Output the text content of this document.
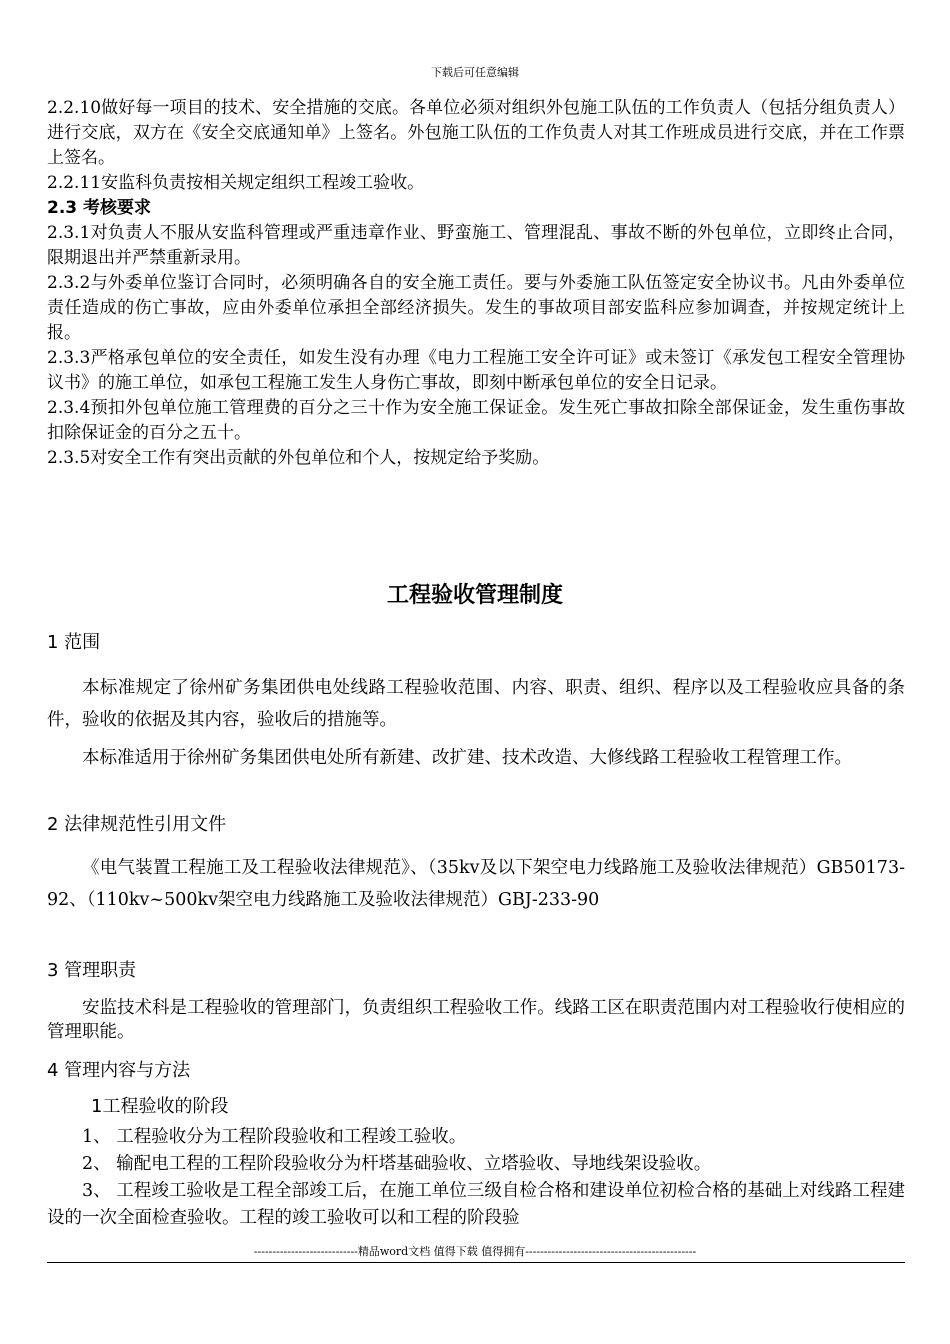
下载后可任意编辑

2.2.10做好每一项目的技术、安全措施的交底。各单位必须对组织外包施工队伍的工作负责人（包括分组负责人）进行交底，双方在《安全交底通知单》上签名。外包施工队伍的工作负责人对其工作班成员进行交底，并在工作票上签名。

2.2.11安监科负责按相关规定组织工程竣工验收。

2.3 考核要求

2.3.1对负责人不服从安监科管理或严重违章作业、野蛮施工、管理混乱、事故不断的外包单位，立即终止合同，限期退出并严禁重新录用。

2.3.2与外委单位鉴订合同时，必须明确各自的安全施工责任。要与外委施工队伍签定安全协议书。凡由外委单位责任造成的伤亡事故，应由外委单位承担全部经济损失。发生的事故项目部安监科应参加调查，并按规定统计上报。

2.3.3严格承包单位的安全责任，如发生没有办理《电力工程施工安全许可证》或未签订《承发包工程安全管理协议书》的施工单位，如承包工程施工发生人身伤亡事故，即刻中断承包单位的安全日记录。

2.3.4预扣外包单位施工管理费的百分之三十作为安全施工保证金。发生死亡事故扣除全部保证金，发生重伤事故扣除保证金的百分之五十。

2.3.5对安全工作有突出贡献的外包单位和个人，按规定给予奖励。

工程验收管理制度
1 范围

本标准规定了徐州矿务集团供电处线路工程验收范围、内容、职责、组织、程序以及工程验收应具备的条件，验收的依据及其内容，验收后的措施等。

本标准适用于徐州矿务集团供电处所有新建、改扩建、技术改造、大修线路工程验收工程管理工作。

2 法律规范性引用文件

《电气装置工程施工及工程验收法律规范》、（35kv及以下架空电力线路施工及验收法律规范）GB50173-92、（110kv~500kv架空电力线路施工及验收法律规范）GBJ-233-90

3 管理职责

安监技术科是工程验收的管理部门，负责组织工程验收工作。线路工区在职责范围内对工程验收行使相应的管理职能。

4 管理内容与方法
1工程验收的阶段

1、 工程验收分为工程阶段验收和工程竣工验收。

2、 输配电工程的工程阶段验收分为杆塔基础验收、立塔验收、导地线架设验收。

3、 工程竣工验收是工程全部竣工后，在施工单位三级自检合格和建设单位初检合格的基础上对线路工程建设的一次全面检查验收。工程的竣工验收可以和工程的阶段验

----------------------------精品word文档 值得下载 值得拥有----------------------------------------------
